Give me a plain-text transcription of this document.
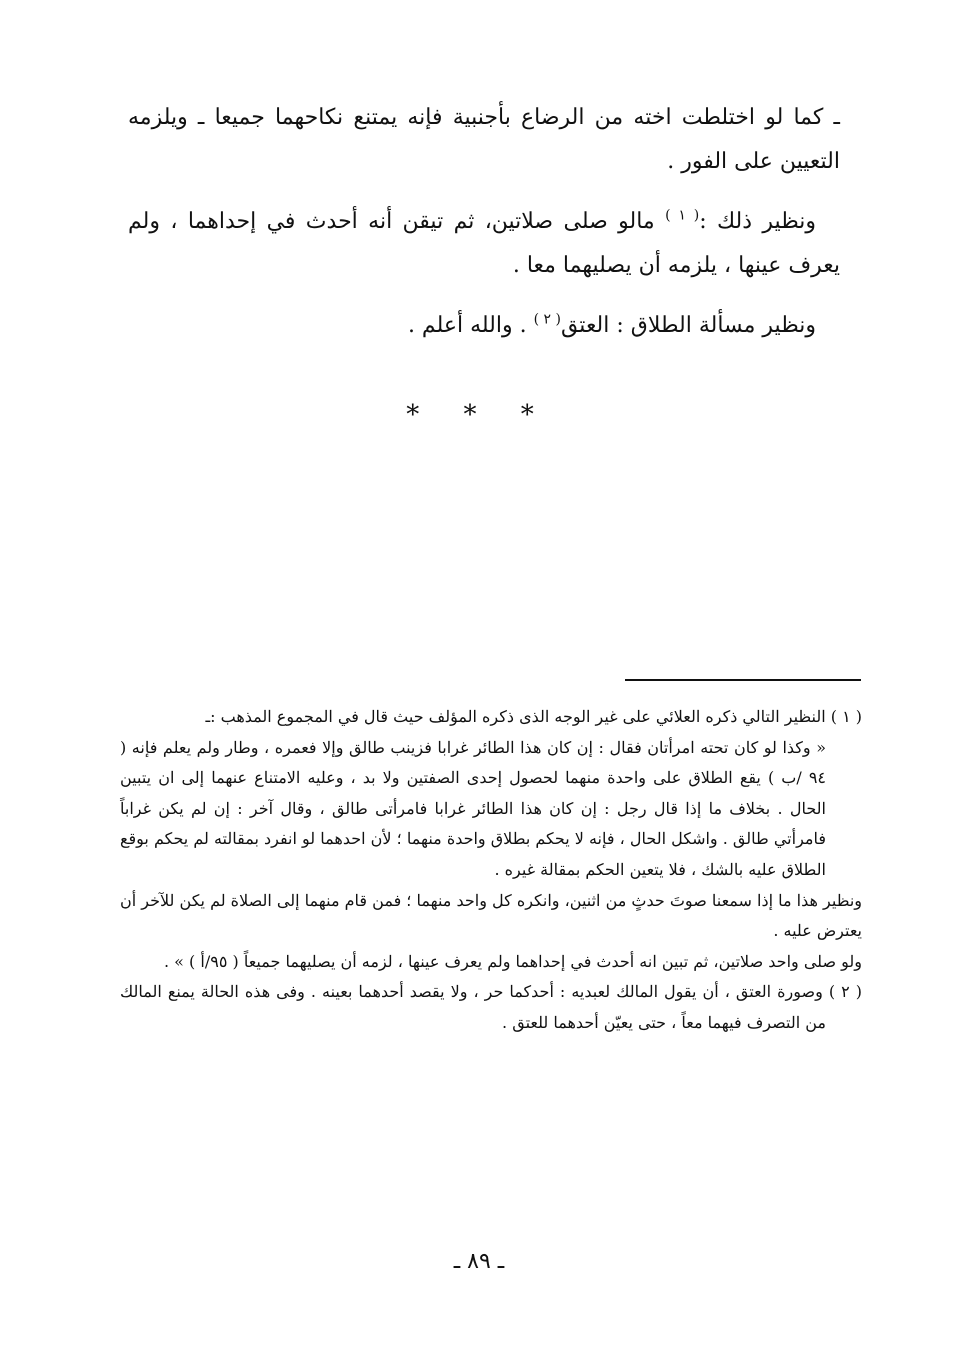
ـ كما لو اختلطت اخته من الرضاع بأجنبية فإنه يمتنع نكاحهما جميعا ـ ويلزمه التعيين على الفور .

ونظير ذلك :$^{( ١ )}$ مالو صلى صلاتين، ثم تيقن أنه أحدث في إحداهما ، ولم يعرف عينها ، يلزمه أن يصليهما معا .

ونظير مسألة الطلاق : العتق$^{( ٢ )}$ . والله أعلم .

* * *

( ١ ) النظير التالي ذكره العلائي على غير الوجه الذى ذكره المؤلف حيث قال في المجموع المذهب :ـ

« وكذا لو كان تحته امرأتان فقال : إن كان هذا الطائر غرابا فزينب طالق وإلا فعمره ، وطار ولم يعلم فإنه ( ٩٤ /ب ) يقع الطلاق على واحدة منهما لحصول إحدى الصفتين ولا بد ، وعليه الامتناع عنهما إلى ان يتبين الحال . بخلاف ما إذا قال رجل : إن كان هذا الطائر غرابا فامرأتى طالق ، وقال آخر : إن لم يكن غراباً فامرأتي طالق . واشكل الحال ، فإنه لا يحكم بطلاق واحدة منهما ؛ لأن احدهما لو انفرد بمقالته لم يحكم بوقع الطلاق عليه بالشك ، فلا يتعين الحكم بمقالة غيره .

ونظير هذا ما إذا سمعنا صوتَ حدثٍ من اثنين، وانكره كل واحد منهما ؛ فمن قام منهما إلى الصلاة لم يكن للآخر أن يعترض عليه .

ولو صلى واحد صلاتين، ثم تبين انه أحدث في إحداهما ولم يعرف عينها ، لزمه أن يصليهما جميعاً ( ٩٥/أ ) » .

( ٢ ) وصورة العتق ، أن يقول المالك لعبديه : أحدكما حر ، ولا يقصد أحدهما بعينه . وفى هذه الحالة يمنع المالك من التصرف فيهما معاً ، حتى يعيّن أحدهما للعتق .

ـ ٨٩ ـ
